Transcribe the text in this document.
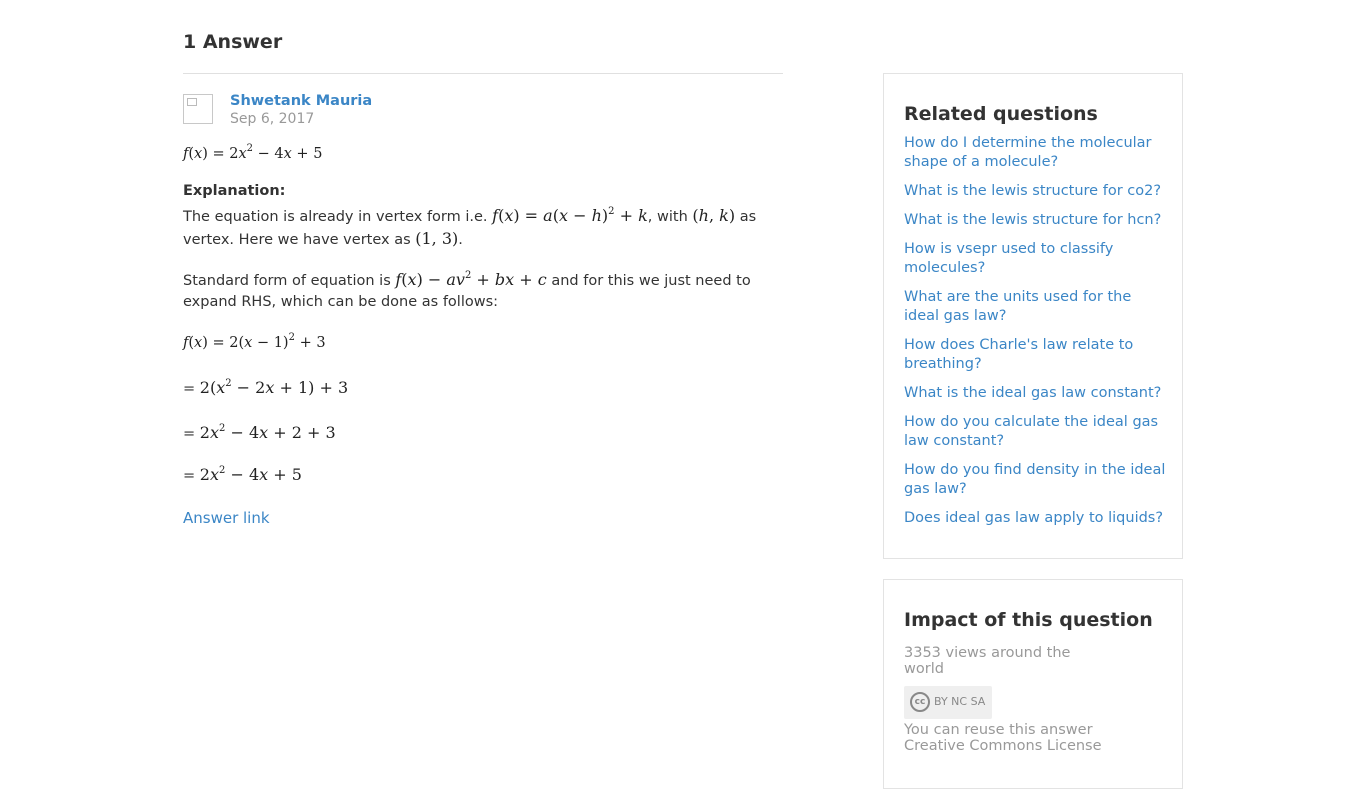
1 Answer
Shwetank Mauria
Sep 6, 2017
$f(x) = 2x^2 - 4x + 5$
Explanation:
The equation is already in vertex form i.e. $f(x) = a(x - h)^2 + k$, with (h, k) as vertex. Here we have vertex as (1, 3).
Standard form of equation is $f(x) - av^2$ + bx + c and for this we just need to expand RHS, which can be done as follows:
$f(x) = 2(x - 1)^2 + 3$
= $2(x^2 - 2x + 1) + 3$
= $2x^2 - 4x + 2 + 3$
= $2x^2 - 4x + 5$
Answer link
Related questions
How do I determine the molecular shape of a molecule?
What is the lewis structure for co2?
What is the lewis structure for hcn?
How is vsepr used to classify molecules?
What are the units used for the ideal gas law?
How does Charle's law relate to breathing?
What is the ideal gas law constant?
How do you calculate the ideal gas law constant?
How do you find density in the ideal gas law?
Does ideal gas law apply to liquids?
Impact of this question
3353 views around the world
cc BY NC SA
You can reuse this answer Creative Commons License
